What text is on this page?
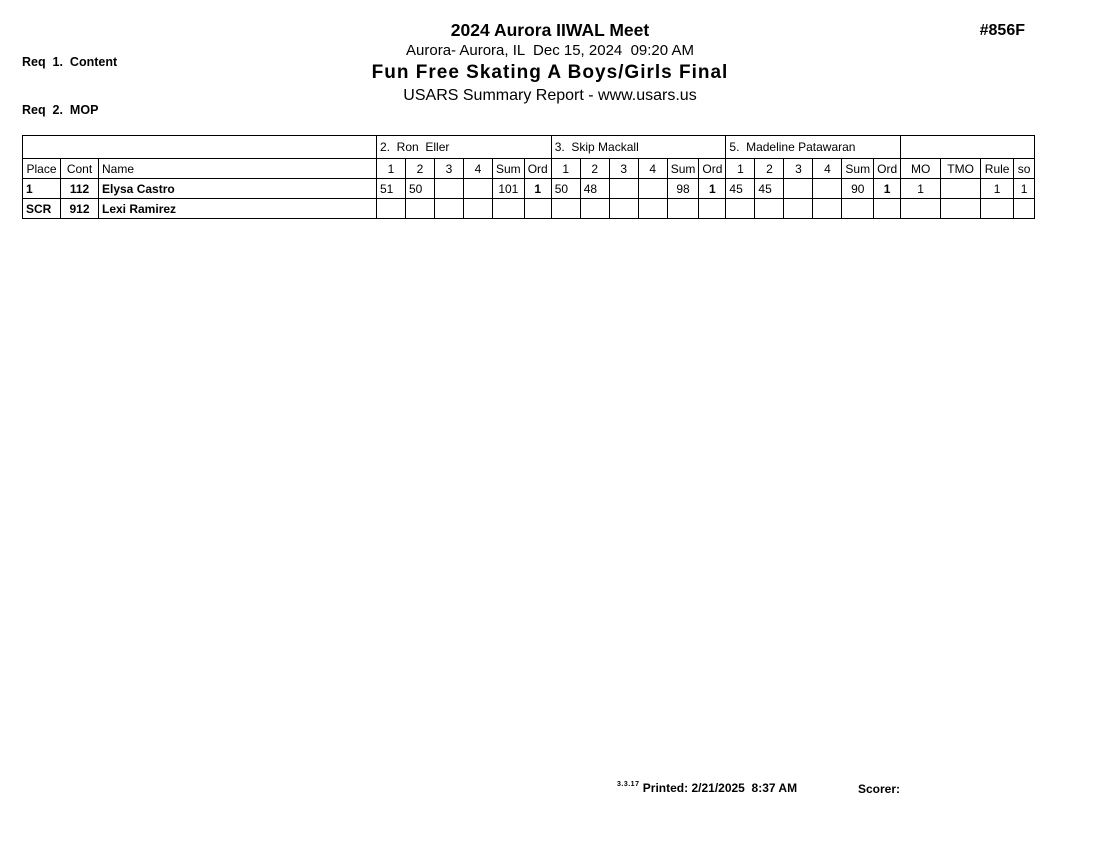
Req  1.  Content

Req  2.  MOP

2024 Aurora IIWAL Meet
Aurora- Aurora, IL  Dec 15, 2024  09:20 AM
Fun Free Skating A Boys/Girls Final
USARS Summary Report - www.usars.us
#856F
			2.  Ron  Eller						3.  Skip Mackall						5.  Madeline Patawaran									
Place	Cont	Name	1	2	3	4	Sum	Ord	1	2	3	4	Sum	Ord	1	2	3	4	Sum	Ord	MO	TMO	Rule	so
1	112	Elysa Castro	51	50			101	1	50	48			98	1	45	45			90	1	1		1	1
SCR	912	Lexi Ramirez																						
$^{3.3.17}$ Printed: 2/21/2025  8:37 AM	Scorer:
